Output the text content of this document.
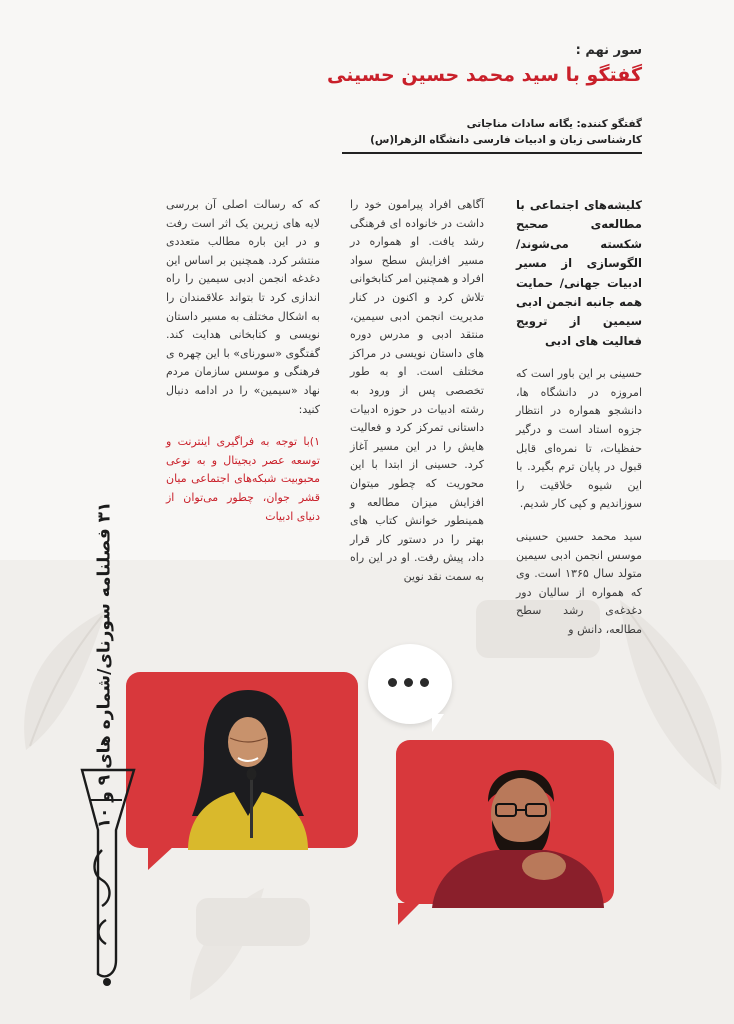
سور نهم :

گفتگو با سید محمد حسین حسینی

گفتگو کننده: یگانه سادات مناجاتی

کارشناسی زبان و ادبیات فارسی دانشگاه الزهرا(س)

کلیشه‌های اجتماعی با مطالعه‌ی صحیح شکسته می‌شوند/ الگوسازی از مسیر ادبیات جهانی/ حمایت همه جانبه انجمن ادبی سیمین از ترویج فعالیت‌ های ادبی

حسینی بر این باور است که امروزه در دانشگاه ها، دانشجو همواره در انتظار جزوه استاد است و درگیر حفظیات، تا نمره‌ای قابل قبول در پایان ترم بگیرد. با این شیوه خلاقیت را سوزاندیم و کپی کار شدیم.

سید محمد حسین حسینی موسس انجمن ادبی سیمین متولد سال ۱۳۶۵ است. وی که همواره از سالیان دور دغدغه‌ی رشد سطح مطالعه، دانش و

آگاهی افراد پیرامون خود را داشت در خانواده ای فرهنگی رشد یافت. او همواره در مسیر افزایش سطح سواد افراد و همچنین امر کتابخوانی تلاش کرد و اکنون در کنار مدیریت انجمن ادبی سیمین، منتقد ادبی و مدرس دوره های داستان نویسی در مراکز مختلف است. او به طور تخصصی پس از ورود به رشته ادبیات در حوزه ادبیات داستانی تمرکز کرد و فعالیت هایش را در این مسیر آغاز کرد. حسینی از ابتدا با این محوریت که چطور میتوان افزایش میزان مطالعه و همینطور خوانش کتاب های بهتر را در دستور کار قرار داد، پیش رفت. او در این راه به سمت نقد نوین

که که رسالت اصلی آن بررسی لایه های زیرین یک اثر است رفت و در این باره مطالب متعددی منتشر کرد. همچنین بر اساس این دغدغه انجمن ادبی سیمین را راه اندازی کرد تا بتواند علاقمندان را به اشکال مختلف به مسیر داستان نویسی و کتابخانی هدایت کند. گفتگوی «سورنای» با این چهره ی فرهنگی و موسس سازمان مردم نهاد «سیمین» را در ادامه دنبال کنید:

۱)با توجه به فراگیری اینترنت و توسعه عصر دیجیتال و به نوعی محبوبیت شبکه‌های اجتماعی میان قشر جوان، چطور می‌توان از دنیای ادبیات

۳۱ فصلنامه سورنای/شماره های ۹ و ۱۰
